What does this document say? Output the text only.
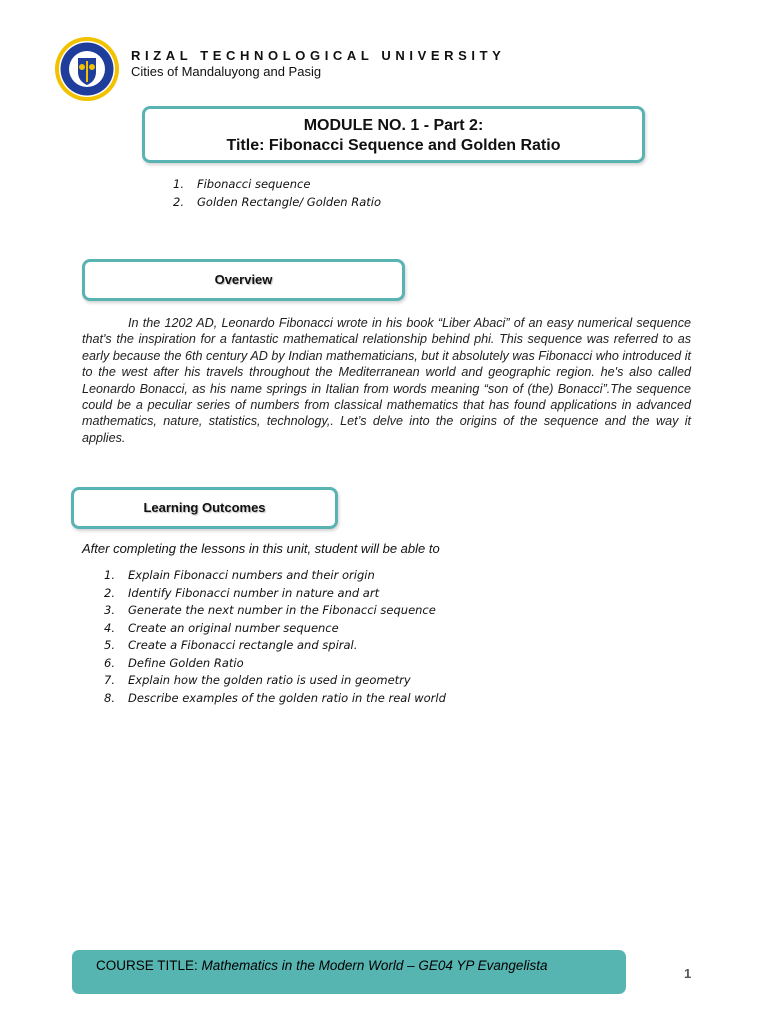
RIZAL TECHNOLOGICAL UNIVERSITY
Cities of Mandaluyong and Pasig
MODULE NO. 1 - Part 2:
Title: Fibonacci Sequence and Golden Ratio
1. Fibonacci sequence
2. Golden Rectangle/ Golden Ratio
Overview
In the 1202 AD, Leonardo Fibonacci wrote in his book “Liber Abaci” of an easy numerical sequence that's the inspiration for a fantastic mathematical relationship behind phi. This sequence was referred to as early because the 6th century AD by Indian mathematicians, but it absolutely was Fibonacci who introduced it to the west after his travels throughout the Mediterranean world and geographic region. he's also called Leonardo Bonacci, as his name springs in Italian from words meaning “son of (the) Bonacci”.The sequence could be a peculiar series of numbers from classical mathematics that has found applications in advanced mathematics, nature, statistics, technology,. Let’s delve into the origins of the sequence and the way it applies.
Learning Outcomes
After completing the lessons in this unit, student will be able to
1. Explain Fibonacci numbers and their origin
2. Identify Fibonacci number in nature and art
3. Generate the next number in the Fibonacci sequence
4. Create an original number sequence
5. Create a Fibonacci rectangle and spiral.
6. Define Golden Ratio
7. Explain how the golden ratio is used in geometry
8. Describe examples of the golden ratio in the real world
COURSE TITLE: Mathematics in the Modern World – GE04 YP Evangelista
1
